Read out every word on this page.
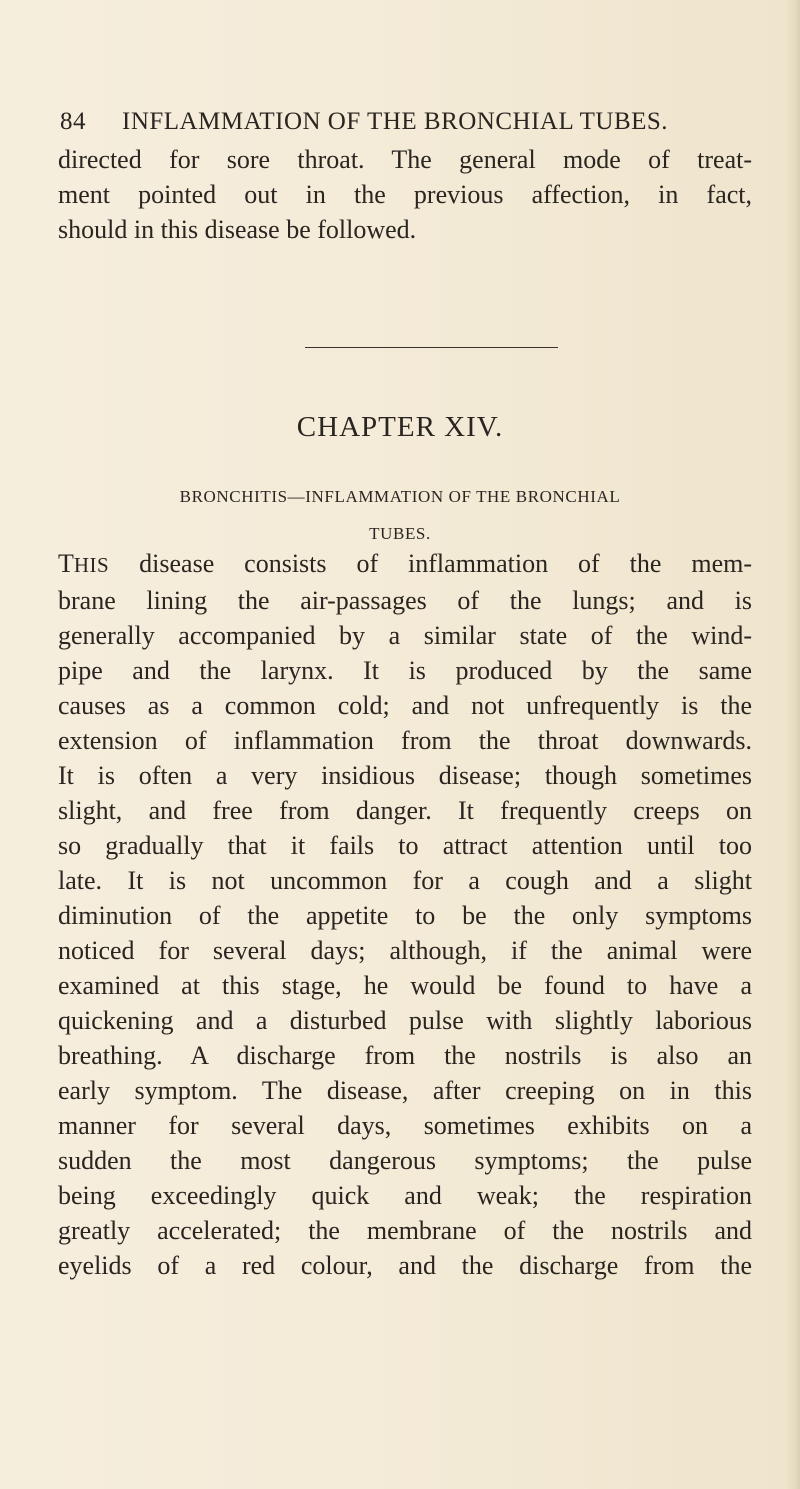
84 INFLAMMATION OF THE BRONCHIAL TUBES.
directed for sore throat. The general mode of treat-
ment pointed out in the previous affection, in fact,
should in this disease be followed.
CHAPTER XIV.
BRONCHITIS—INFLAMMATION OF THE BRONCHIAL
TUBES.
THIS disease consists of inflammation of the mem-
brane lining the air-passages of the lungs; and is
generally accompanied by a similar state of the wind-
pipe and the larynx. It is produced by the same
causes as a common cold; and not unfrequently is the
extension of inflammation from the throat downwards.
It is often a very insidious disease; though sometimes
slight, and free from danger. It frequently creeps on
so gradually that it fails to attract attention until too
late. It is not uncommon for a cough and a slight
diminution of the appetite to be the only symptoms
noticed for several days; although, if the animal were
examined at this stage, he would be found to have a
quickening and a disturbed pulse with slightly laborious
breathing. A discharge from the nostrils is also an
early symptom. The disease, after creeping on in this
manner for several days, sometimes exhibits on a
sudden the most dangerous symptoms; the pulse
being exceedingly quick and weak; the respiration
greatly accelerated; the membrane of the nostrils and
eyelids of a red colour, and the discharge from the
